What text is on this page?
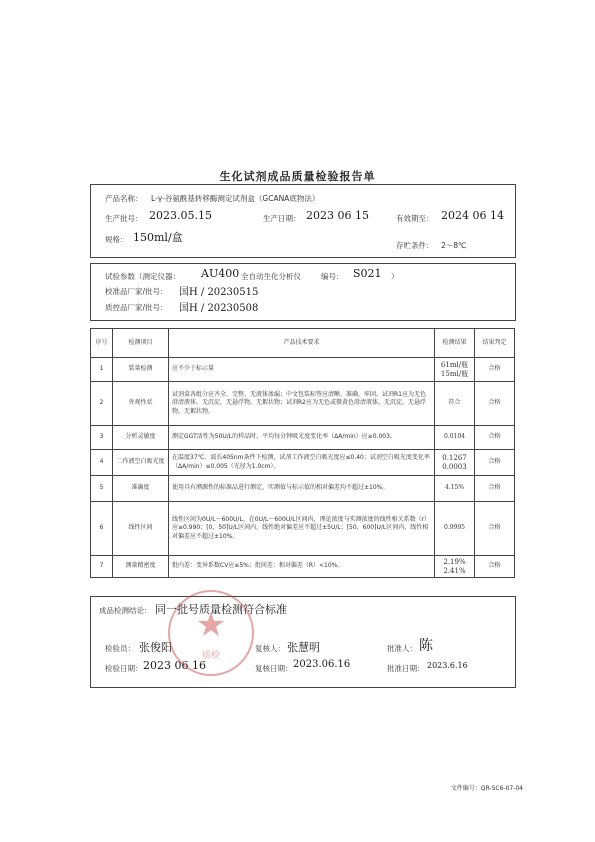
生化试剂成品质量检验报告单
产品名称： L-γ-谷氨酰基转移酶测定试剂盒（GCANA底物法）
生产批号： 2023.05.15	生产日期： 2023 06 15	有效期至： 2024 06 14
规格： 150ml/盒
存贮条件： 2～8℃
试验参数（测定仪器： AU400 全自动生化分析仪	编号： S021 ）
校准品厂家/批号： 国H / 20230515
质控品厂家/批号： 国H / 20230508
序号	检测项目	产品技术要求	检测结果	结果判定
1	装量检测	应不少于标示量	61ml/瓶 15ml/瓶	合格
2	外观性状	试剂盒各组分应齐全、完整、无液体渗漏；中文包装标签应清晰、准确、牢固。试剂R1应为无色澄清液体，无沉淀，无悬浮物，无絮状物；试剂R2应为无色或微黄色澄清液体，无沉淀，无悬浮物，无絮状物。	符合	合格
3	分析灵敏度	测定GGT活性为50U/L的样品时，平均每分钟吸光度变化率（ΔA/min）应≥0.003。	0.0104	合格
4	二作液空白吸光度	在温度37℃、波长405nm条件下检测，试剂工作液空白吸光度应≤0.40；试剂空白吸光度变化率（ΔA/min）≤0.005（光径为1.0cm）。	0.1267 0.0003	合格
5	准确度	使用具有溯源性的标准品进行测定，实测值与标示值的相对偏差均不超过±10%。	4.15%	合格
6	线性区间	线性区间为0U/L～600U/L。在0U/L～600U/L区间内，理论浓度与实测浓度的线性相关系数（r）应≥0.990；[0，50]U/L区间内，线性绝对偏差应不超过±5U/L；[50，600]U/L区间内，线性相对偏差应不超过±10%。	0.9995	合格
7	测量精密度	批内差：变异系数CV应≤5%；批间差：相对偏差（R）<10%。	2.19% 2.41%	合格
成品检测结论： 同一批号质量检测符合标准
检验员： 张俊阳
检验日期： 2023 06 16
复核人： 张慧明
复核日期： 2023.06.16
批准人： 陈
批准日期： 2023.6.16
★
质检
文件编号：QR-SC6-07-04
